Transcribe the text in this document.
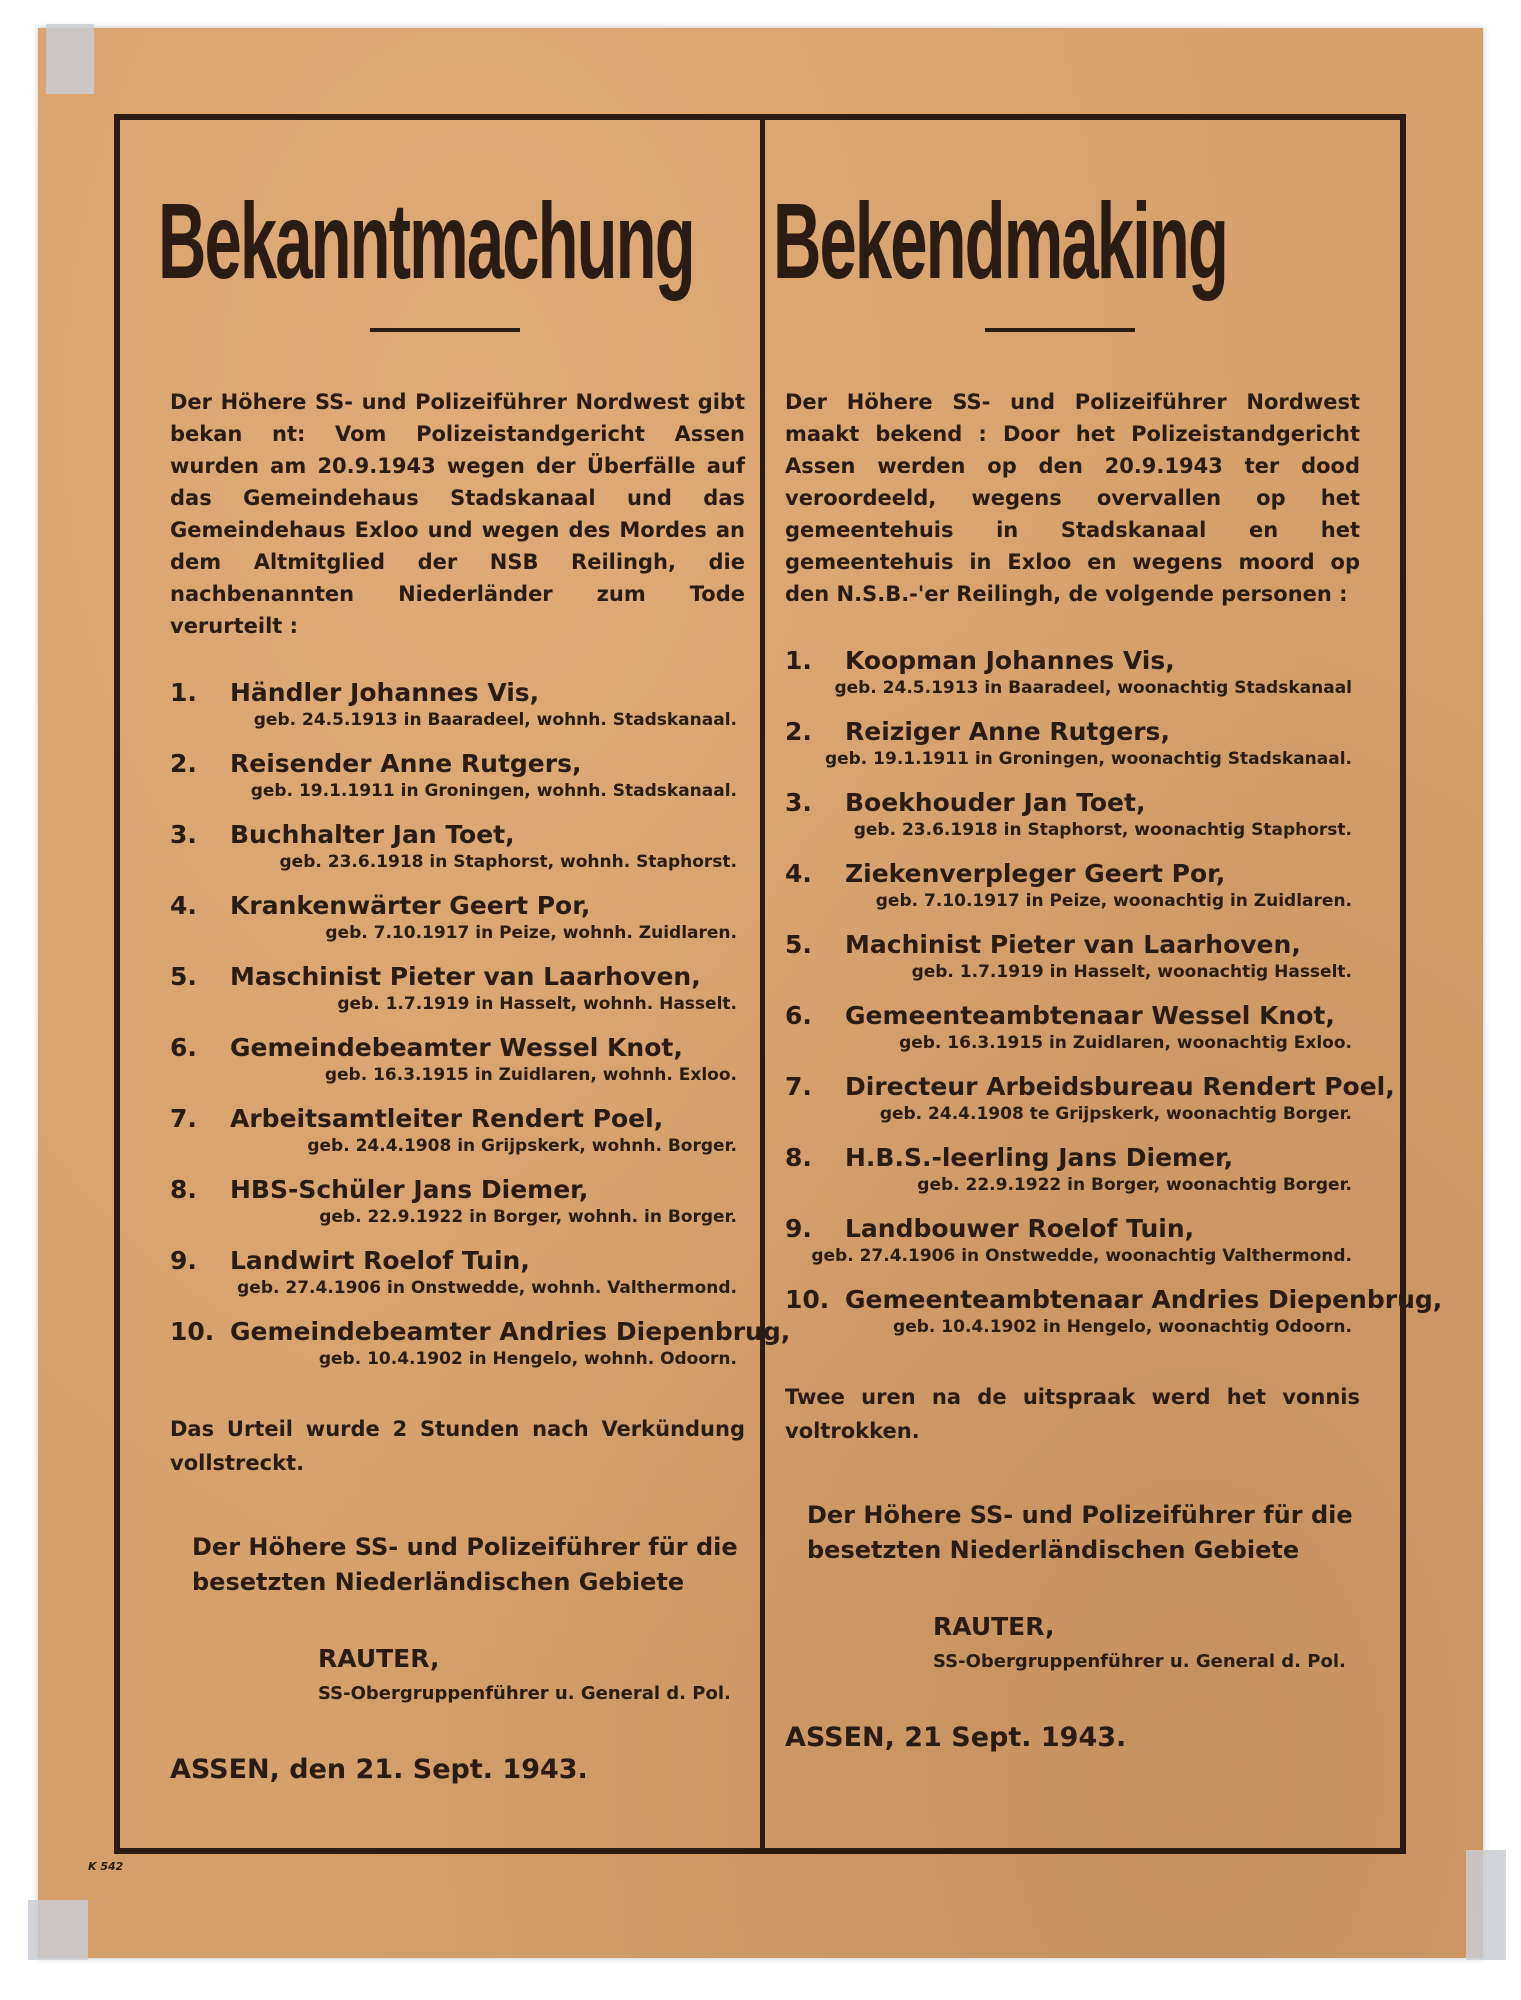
Bekanntmachung
Der Höhere SS- und Polizeiführer Nordwest gibt bekan nt: Vom Polizeistandgericht Assen wurden am 20.9.1943 wegen der Überfälle auf das Gemeindehaus Stadskanaal und das Gemeindehaus Exloo und wegen des Mordes an dem Altmitglied der NSB Reilingh, die nachbenannten Niederländer zum Tode verurteilt :
1. Händler Johannes Vis,
geb. 24.5.1913 in Baaradeel, wohnh. Stadskanaal.
2. Reisender Anne Rutgers,
geb. 19.1.1911 in Groningen, wohnh. Stadskanaal.
3. Buchhalter Jan Toet,
geb. 23.6.1918 in Staphorst, wohnh. Staphorst.
4. Krankenwärter Geert Por,
geb. 7.10.1917 in Peize, wohnh. Zuidlaren.
5. Maschinist Pieter van Laarhoven,
geb. 1.7.1919 in Hasselt, wohnh. Hasselt.
6. Gemeindebeamter Wessel Knot,
geb. 16.3.1915 in Zuidlaren, wohnh. Exloo.
7. Arbeitsamtleiter Rendert Poel,
geb. 24.4.1908 in Grijpskerk, wohnh. Borger.
8. HBS-Schüler Jans Diemer,
geb. 22.9.1922 in Borger, wohnh. in Borger.
9. Landwirt Roelof Tuin,
geb. 27.4.1906 in Onstwedde, wohnh. Valthermond.
10. Gemeindebeamter Andries Diepenbrug,
geb. 10.4.1902 in Hengelo, wohnh. Odoorn.
Das Urteil wurde 2 Stunden nach Verkündung vollstreckt.
Der Höhere SS- und Polizeiführer für die besetzten Niederländischen Gebiete
RAUTER,
SS-Obergruppenführer u. General d. Pol.
ASSEN, den 21. Sept. 1943.
Bekendmaking
Der Höhere SS- und Polizeiführer Nordwest maakt bekend : Door het Polizeistandgericht Assen werden op den 20.9.1943 ter dood veroordeeld, wegens overvallen op het gemeentehuis in Stadskanaal en het gemeentehuis in Exloo en wegens moord op den N.S.B.-'er Reilingh, de volgende personen :
1. Koopman Johannes Vis,
geb. 24.5.1913 in Baaradeel, woonachtig Stadskanaal
2. Reiziger Anne Rutgers,
geb. 19.1.1911 in Groningen, woonachtig Stadskanaal.
3. Boekhouder Jan Toet,
geb. 23.6.1918 in Staphorst, woonachtig Staphorst.
4. Ziekenverpleger Geert Por,
geb. 7.10.1917 in Peize, woonachtig in Zuidlaren.
5. Machinist Pieter van Laarhoven,
geb. 1.7.1919 in Hasselt, woonachtig Hasselt.
6. Gemeenteambtenaar Wessel Knot,
geb. 16.3.1915 in Zuidlaren, woonachtig Exloo.
7. Directeur Arbeidsbureau Rendert Poel,
geb. 24.4.1908 te Grijpskerk, woonachtig Borger.
8. H.B.S.-leerling Jans Diemer,
geb. 22.9.1922 in Borger, woonachtig Borger.
9. Landbouwer Roelof Tuin,
geb. 27.4.1906 in Onstwedde, woonachtig Valthermond.
10. Gemeenteambtenaar Andries Diepenbrug,
geb. 10.4.1902 in Hengelo, woonachtig Odoorn.
Twee uren na de uitspraak werd het vonnis voltrokken.
Der Höhere SS- und Polizeiführer für die besetzten Niederländischen Gebiete
RAUTER,
SS-Obergruppenführer u. General d. Pol.
ASSEN, 21 Sept. 1943.
K 542
